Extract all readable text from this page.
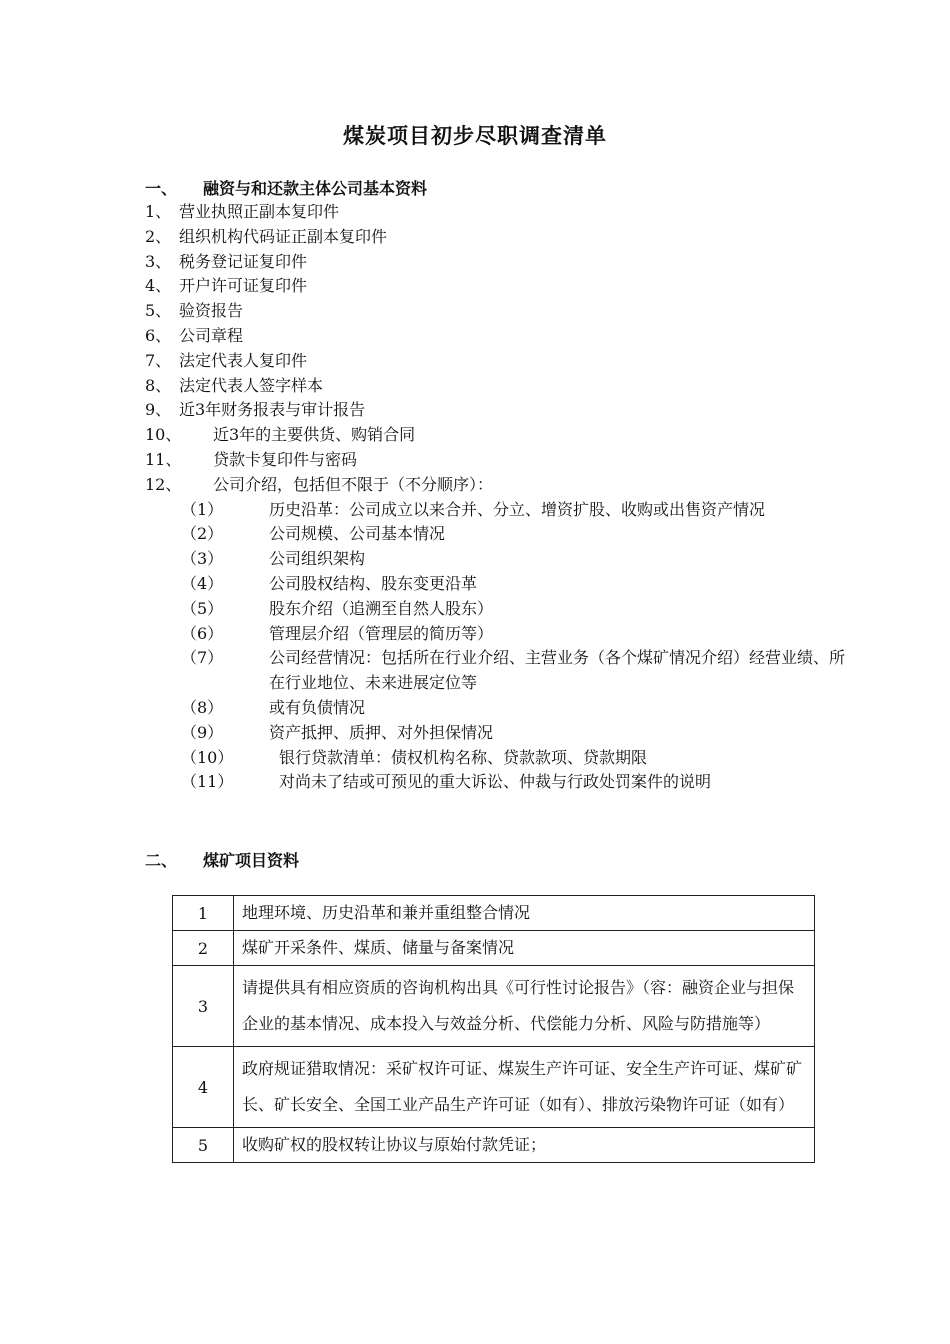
煤炭项目初步尽职调查清单
一、 融资与和还款主体公司基本资料
1、 营业执照正副本复印件
2、 组织机构代码证正副本复印件
3、 税务登记证复印件
4、 开户许可证复印件
5、 验资报告
6、 公司章程
7、 法定代表人复印件
8、 法定代表人签字样本
9、 近3年财务报表与审计报告
10、 近3年的主要供货、购销合同
11、 贷款卡复印件与密码
12、 公司介绍，包括但不限于（不分顺序）：
（1）	历史沿革：公司成立以来合并、分立、增资扩股、收购或出售资产情况
（2）	公司规模、公司基本情况
（3）	公司组织架构
（4）	公司股权结构、股东变更沿革
（5）	股东介绍（追溯至自然人股东）
（6）	管理层介绍（管理层的简历等）
（7）	公司经营情况：包括所在行业介绍、主营业务（各个煤矿情况介绍）经营业绩、所在行业地位、未来进展定位等
（8）	或有负债情况
（9）	资产抵押、质押、对外担保情况
（10）	银行贷款清单：债权机构名称、贷款款项、贷款期限
（11）	对尚未了结或可预见的重大诉讼、仲裁与行政处罚案件的说明
二、 煤矿项目资料
1	地理环境、历史沿革和兼并重组整合情况
2	煤矿开采条件、煤质、储量与备案情况
3	请提供具有相应资质的咨询机构出具《可行性讨论报告》（容：融资企业与担保企业的基本情况、成本投入与效益分析、代偿能力分析、风险与防措施等）
4	政府规证猎取情况：采矿权许可证、煤炭生产许可证、安全生产许可证、煤矿矿长、矿长安全、全国工业产品生产许可证（如有）、排放污染物许可证（如有）
5	收购矿权的股权转让协议与原始付款凭证；
